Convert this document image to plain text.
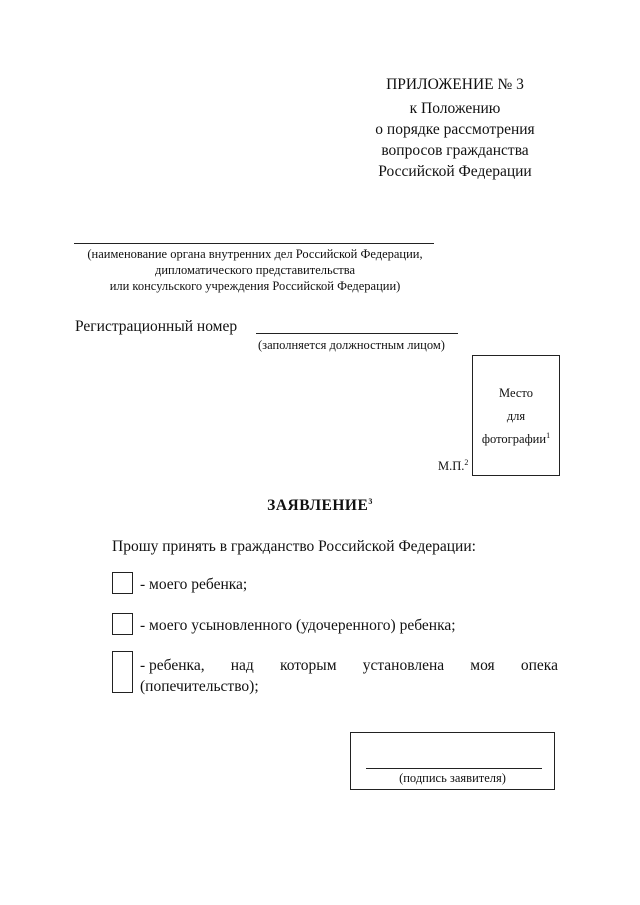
ПРИЛОЖЕНИЕ № 3
к Положению
о порядке рассмотрения
вопросов гражданства
Российской Федерации
(наименование органа внутренних дел Российской Федерации,
дипломатического представительства
или консульского учреждения Российской Федерации)
Регистрационный номер
(заполняется должностным лицом)
Место
для
фотографии$^1$
М.П.$^2$
ЗАЯВЛЕНИЕ$^3$
Прошу принять в гражданство Российской Федерации:
- моего ребенка;
- моего усыновленного (удочеренного) ребенка;
- ребенка, над которым установлена моя опека
(попечительство);
(подпись заявителя)
